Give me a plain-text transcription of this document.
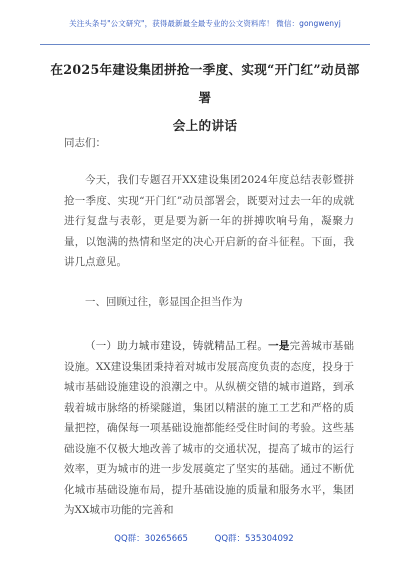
关注头条号"公文研究"，获得最新最全最专业的公文资料库！ 微信：gongwenyj
在2025年建设集团拼抢一季度、实现“开门红”动员部署
会上的讲话
同志们：
今天，我们专题召开XX建设集团2024年度总结表彰暨拼抢一季度、实现“开门红”动员部署会，既要对过去一年的成就进行复盘与表彰，更是要为新一年的拼搏吹响号角，凝聚力量，以饱满的热情和坚定的决心开启新的奋斗征程。下面，我讲几点意见。
一、回顾过往，彰显国企担当作为
（一）助力城市建设，铸就精品工程。一是完善城市基础设施。XX建设集团秉持着对城市发展高度负责的态度，投身于城市基础设施建设的浪潮之中。从纵横交错的城市道路，到承载着城市脉络的桥梁隧道，集团以精湛的施工工艺和严格的质量把控，确保每一项基础设施都能经受住时间的考验。这些基础设施不仅极大地改善了城市的交通状况，提高了城市的运行效率，更为城市的进一步发展奠定了坚实的基础。通过不断优化城市基础设施布局，提升基础设施的质量和服务水平，集团为XX城市功能的完善和
QQ群：30265665	QQ群：535304092
